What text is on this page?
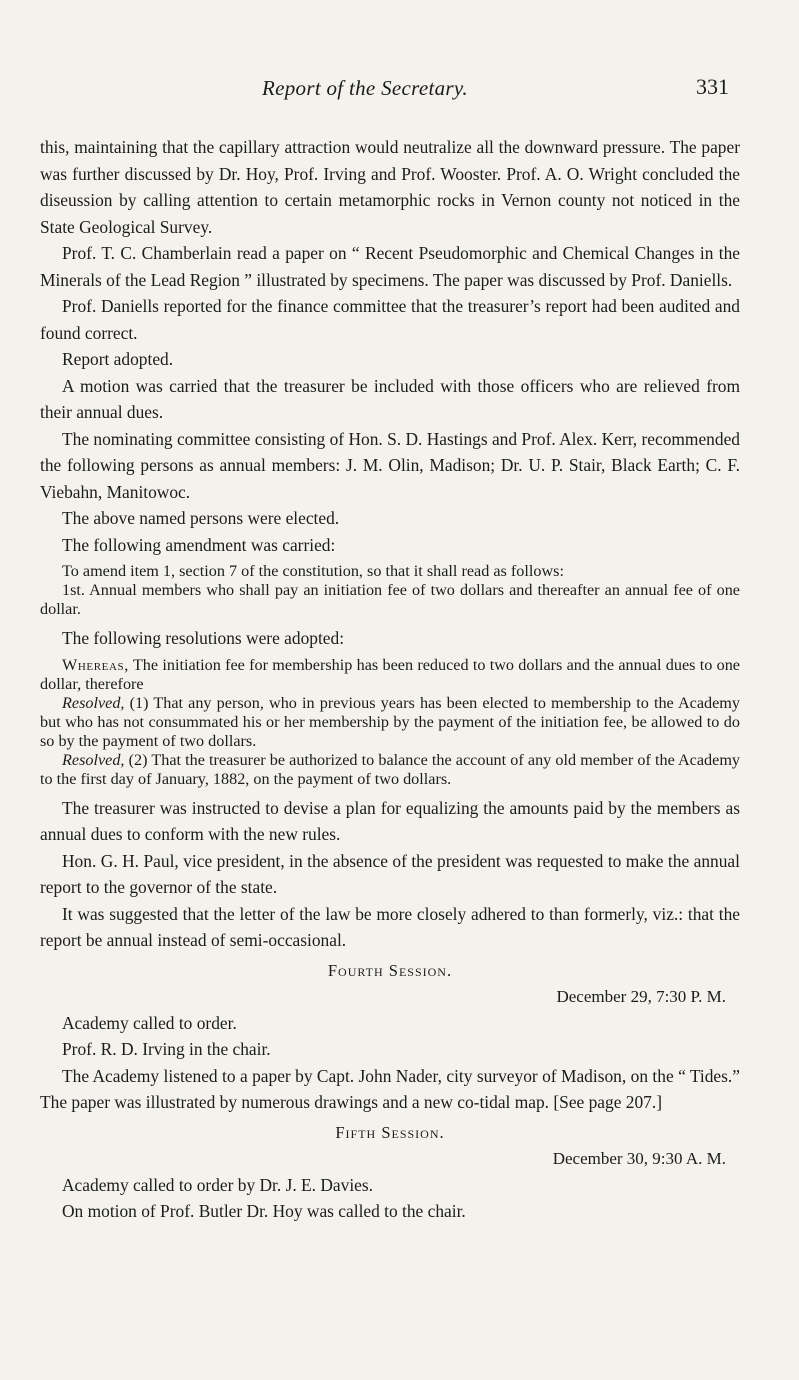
Report of the Secretary.	331

this, maintaining that the capillary attraction would neutralize all the downward pressure. The paper was further discussed by Dr. Hoy, Prof. Irving and Prof. Wooster. Prof. A. O. Wright concluded the diseussion by calling attention to certain metamorphic rocks in Vernon county not noticed in the State Geological Survey.

Prof. T. C. Chamberlain read a paper on “ Recent Pseudomorphic and Chemical Changes in the Minerals of the Lead Region ” illustrated by specimens. The paper was discussed by Prof. Daniells.

Prof. Daniells reported for the finance committee that the treasurer’s report had been audited and found correct.

Report adopted.

A motion was carried that the treasurer be included with those officers who are relieved from their annual dues.

The nominating committee consisting of Hon. S. D. Hastings and Prof. Alex. Kerr, recommended the following persons as annual members: J. M. Olin, Madison; Dr. U. P. Stair, Black Earth; C. F. Viebahn, Manitowoc.

The above named persons were elected.

The following amendment was carried:

To amend item 1, section 7 of the constitution, so that it shall read as follows:

1st. Annual members who shall pay an initiation fee of two dollars and thereafter an annual fee of one dollar.

The following resolutions were adopted:

Whereas, The initiation fee for membership has been reduced to two dollars and the annual dues to one dollar, therefore

Resolved, (1) That any person, who in previous years has been elected to membership to the Academy but who has not consummated his or her membership by the payment of the initiation fee, be allowed to do so by the payment of two dollars.

Resolved, (2) That the treasurer be authorized to balance the account of any old member of the Academy to the first day of January, 1882, on the payment of two dollars.

The treasurer was instructed to devise a plan for equalizing the amounts paid by the members as annual dues to conform with the new rules.

Hon. G. H. Paul, vice president, in the absence of the president was requested to make the annual report to the governor of the state.

It was suggested that the letter of the law be more closely adhered to than formerly, viz.: that the report be annual instead of semi-occasional.

Fourth Session.
December 29, 7:30 P. M.

Academy called to order.

Prof. R. D. Irving in the chair.

The Academy listened to a paper by Capt. John Nader, city surveyor of Madison, on the “ Tides.” The paper was illustrated by numerous drawings and a new co-tidal map. [See page 207.]

Fifth Session.
December 30, 9:30 A. M.

Academy called to order by Dr. J. E. Davies.

On motion of Prof. Butler Dr. Hoy was called to the chair.
